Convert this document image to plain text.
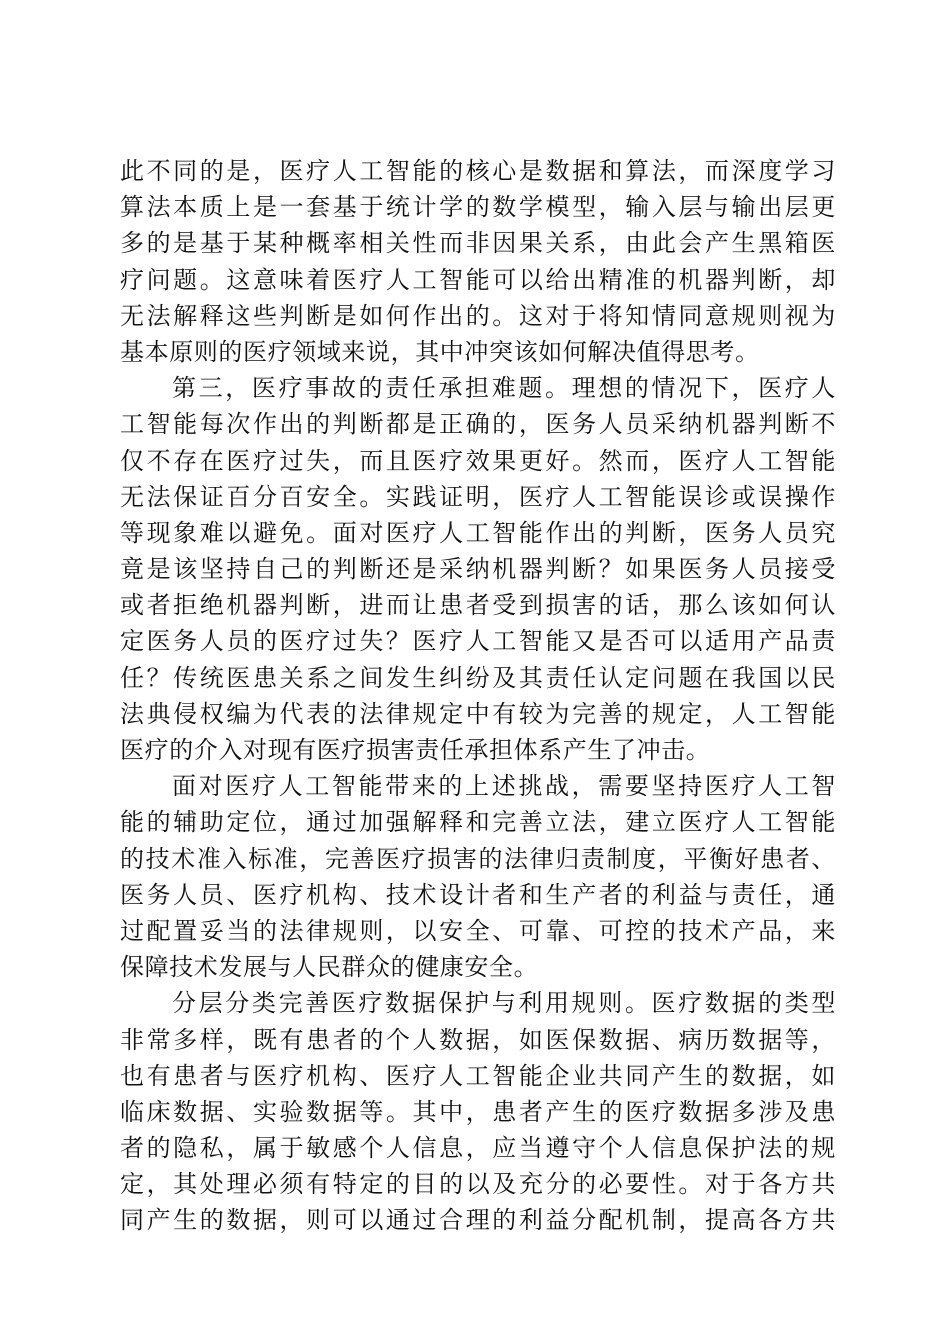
此不同的是，医疗人工智能的核心是数据和算法，而深度学习
算法本质上是一套基于统计学的数学模型，输入层与输出层更
多的是基于某种概率相关性而非因果关系，由此会产生黑箱医
疗问题。这意味着医疗人工智能可以给出精准的机器判断，却
无法解释这些判断是如何作出的。这对于将知情同意规则视为
基本原则的医疗领域来说，其中冲突该如何解决值得思考。
第三，医疗事故的责任承担难题。理想的情况下，医疗人
工智能每次作出的判断都是正确的，医务人员采纳机器判断不
仅不存在医疗过失，而且医疗效果更好。然而，医疗人工智能
无法保证百分百安全。实践证明，医疗人工智能误诊或误操作
等现象难以避免。面对医疗人工智能作出的判断，医务人员究
竟是该坚持自己的判断还是采纳机器判断？如果医务人员接受
或者拒绝机器判断，进而让患者受到损害的话，那么该如何认
定医务人员的医疗过失？医疗人工智能又是否可以适用产品责
任？传统医患关系之间发生纠纷及其责任认定问题在我国以民
法典侵权编为代表的法律规定中有较为完善的规定，人工智能
医疗的介入对现有医疗损害责任承担体系产生了冲击。
面对医疗人工智能带来的上述挑战，需要坚持医疗人工智
能的辅助定位，通过加强解释和完善立法，建立医疗人工智能
的技术准入标准，完善医疗损害的法律归责制度，平衡好患者、
医务人员、医疗机构、技术设计者和生产者的利益与责任，通
过配置妥当的法律规则，以安全、可靠、可控的技术产品，来
保障技术发展与人民群众的健康安全。
分层分类完善医疗数据保护与利用规则。医疗数据的类型
非常多样，既有患者的个人数据，如医保数据、病历数据等，
也有患者与医疗机构、医疗人工智能企业共同产生的数据，如
临床数据、实验数据等。其中，患者产生的医疗数据多涉及患
者的隐私，属于敏感个人信息，应当遵守个人信息保护法的规
定，其处理必须有特定的目的以及充分的必要性。对于各方共
同产生的数据，则可以通过合理的利益分配机制，提高各方共
